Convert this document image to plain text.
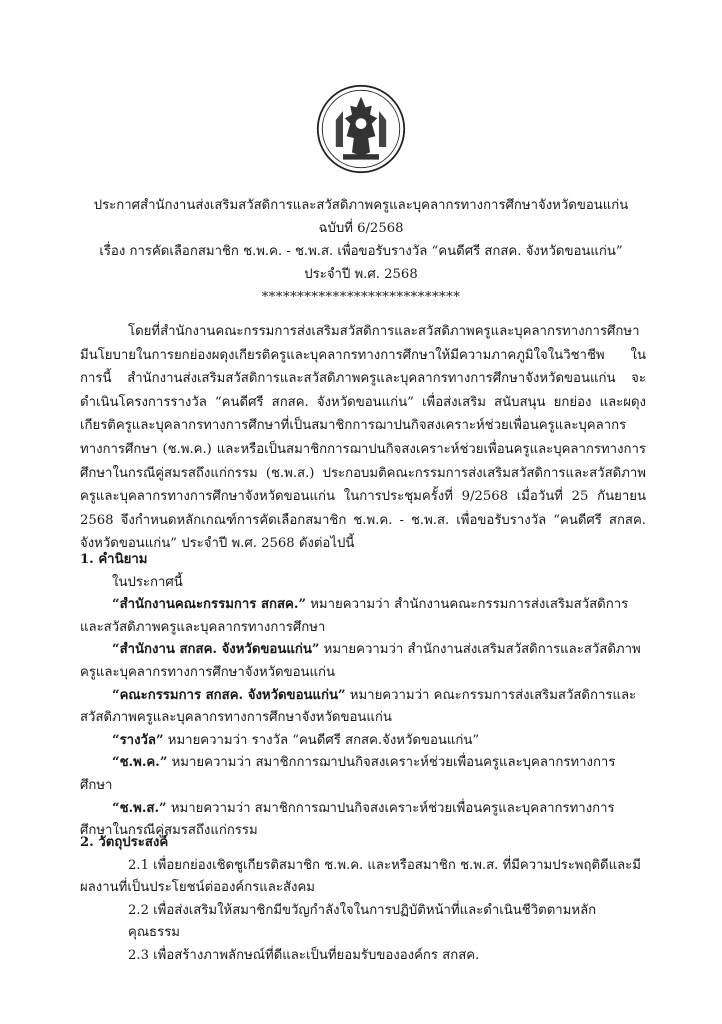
ประกาศสำนักงานส่งเสริมสวัสดิการและสวัสดิภาพครูและบุคลากรทางการศึกษาจังหวัดขอนแก่น
ฉบับที่ 6/2568
เรื่อง การคัดเลือกสมาชิก ช.พ.ค. - ช.พ.ส. เพื่อขอรับรางวัล “คนดีศรี สกสค. จังหวัดขอนแก่น”
ประจำปี พ.ศ. 2568
****************************

โดยที่สำนักงานคณะกรรมการส่งเสริมสวัสดิการและสวัสดิภาพครูและบุคลากรทางการศึกษา มีนโยบายในการยกย่องผดุงเกียรติครูและบุคลากรทางการศึกษาให้มีความภาคภูมิใจในวิชาชีพ ในการนี้ สำนักงานส่งเสริมสวัสดิการและสวัสดิภาพครูและบุคลากรทางการศึกษาจังหวัดขอนแก่น จะดำเนินโครงการรางวัล “คนดีศรี สกสค. จังหวัดขอนแก่น” เพื่อส่งเสริม สนับสนุน ยกย่อง และผดุงเกียรติครูและบุคลากรทางการศึกษาที่เป็นสมาชิกการฌาปนกิจสงเคราะห์ช่วยเพื่อนครูและบุคลากรทางการศึกษา (ช.พ.ค.) และหรือเป็นสมาชิกการฌาปนกิจสงเคราะห์ช่วยเพื่อนครูและบุคลากรทางการศึกษาในกรณีคู่สมรสถึงแก่กรรม (ช.พ.ส.) ประกอบมติคณะกรรมการส่งเสริมสวัสดิการและสวัสดิภาพครูและบุคลากรทางการศึกษาจังหวัดขอนแก่น ในการประชุมครั้งที่ 9/2568 เมื่อวันที่ 25 กันยายน 2568 จึงกำหนดหลักเกณฑ์การคัดเลือกสมาชิก ช.พ.ค. - ช.พ.ส. เพื่อขอรับรางวัล “คนดีศรี สกสค. จังหวัดขอนแก่น” ประจำปี พ.ศ. 2568 ดังต่อไปนี้

1. คำนิยาม
ในประกาศนี้
“สำนักงานคณะกรรมการ สกสค.” หมายความว่า สำนักงานคณะกรรมการส่งเสริมสวัสดิการและสวัสดิภาพครูและบุคลากรทางการศึกษา
“สำนักงาน สกสค. จังหวัดขอนแก่น” หมายความว่า สำนักงานส่งเสริมสวัสดิการและสวัสดิภาพครูและบุคลากรทางการศึกษาจังหวัดขอนแก่น
“คณะกรรมการ สกสค. จังหวัดขอนแก่น” หมายความว่า คณะกรรมการส่งเสริมสวัสดิการและสวัสดิภาพครูและบุคลากรทางการศึกษาจังหวัดขอนแก่น
“รางวัล” หมายความว่า รางวัล “คนดีศรี สกสค.จังหวัดขอนแก่น”
“ช.พ.ค.” หมายความว่า สมาชิกการฌาปนกิจสงเคราะห์ช่วยเพื่อนครูและบุคลากรทางการศึกษา
“ช.พ.ส.” หมายความว่า สมาชิกการฌาปนกิจสงเคราะห์ช่วยเพื่อนครูและบุคลากรทางการศึกษาในกรณีคู่สมรสถึงแก่กรรม
2. วัตถุประสงค์
2.1 เพื่อยกย่องเชิดชูเกียรติสมาชิก ช.พ.ค. และหรือสมาชิก ช.พ.ส. ที่มีความประพฤติดีและมีผลงานที่เป็นประโยชน์ต่อองค์กรและสังคม
2.2 เพื่อส่งเสริมให้สมาชิกมีขวัญกำลังใจในการปฏิบัติหน้าที่และดำเนินชีวิตตามหลักคุณธรรม
2.3 เพื่อสร้างภาพลักษณ์ที่ดีและเป็นที่ยอมรับขององค์กร สกสค.
